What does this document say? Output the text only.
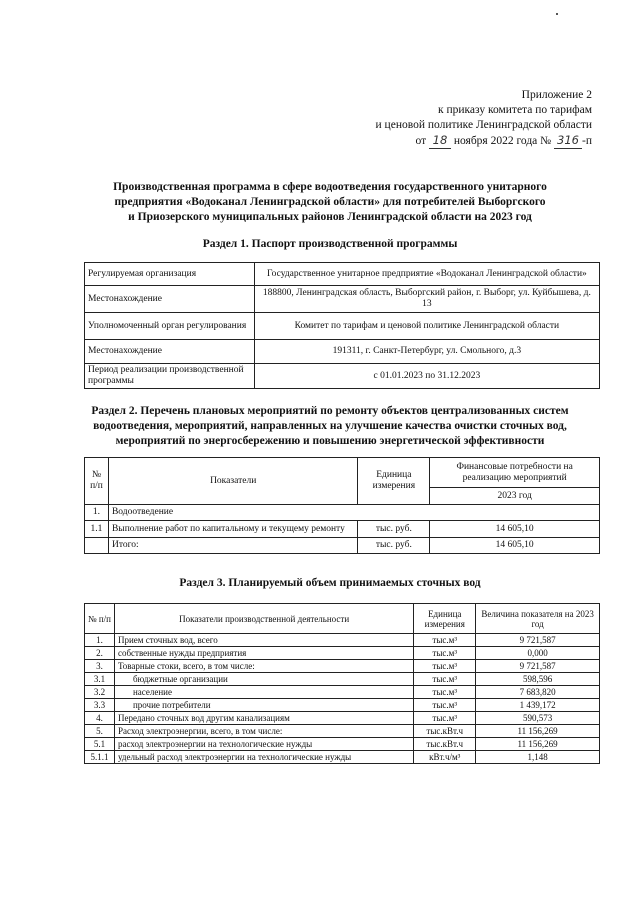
Приложение 2
к приказу комитета по тарифам
и ценовой политике Ленинградской области
от 18 ноября 2022 года № 316 -п
Производственная программа в сфере водоотведения государственного унитарного
предприятия «Водоканал Ленинградской области» для потребителей Выборгского
и Приозерского муниципальных районов Ленинградской области на 2023 год
Раздел 1. Паспорт производственной программы
Регулируемая организация	Государственное унитарное предприятие «Водоканал Ленинградской области»
Местонахождение	188800, Ленинградская область, Выборгский район, г. Выборг, ул. Куйбышева, д. 13
Уполномоченный орган регулирования	Комитет по тарифам и ценовой политике Ленинградской области
Местонахождение	191311, г. Санкт-Петербург, ул. Смольного, д.3
Период реализации производственной программы	с 01.01.2023 по 31.12.2023
Раздел 2. Перечень плановых мероприятий по ремонту объектов централизованных систем
водоотведения, мероприятий, направленных на улучшение качества очистки сточных вод,
мероприятий по энергосбережению и повышению энергетической эффективности
№ п/п	Показатели	Единица измерения	Финансовые потребности на реализацию мероприятий
			2023 год
1.	Водоотведение		
1.1	Выполнение работ по капитальному и текущему ремонту	тыс. руб.	14 605,10
	Итого:	тыс. руб.	14 605,10
Раздел 3. Планируемый объем принимаемых сточных вод
№ п/п	Показатели производственной деятельности	Единица измерения	Величина показателя на 2023 год
1.	Прием сточных вод, всего	тыс.м³	9 721,587
2.	собственные нужды предприятия	тыс.м³	0,000
3.	Товарные стоки, всего, в том числе:	тыс.м³	9 721,587
3.1	бюджетные организации	тыс.м³	598,596
3.2	население	тыс.м³	7 683,820
3.3	прочие потребители	тыс.м³	1 439,172
4.	Передано сточных вод другим канализациям	тыс.м³	590,573
5.	Расход электроэнергии, всего, в том числе:	тыс.кВт.ч	11 156,269
5.1	расход электроэнергии на технологические нужды	тыс.кВт.ч	11 156,269
5.1.1	удельный расход электроэнергии на технологические нужды	кВт.ч/м³	1,148
